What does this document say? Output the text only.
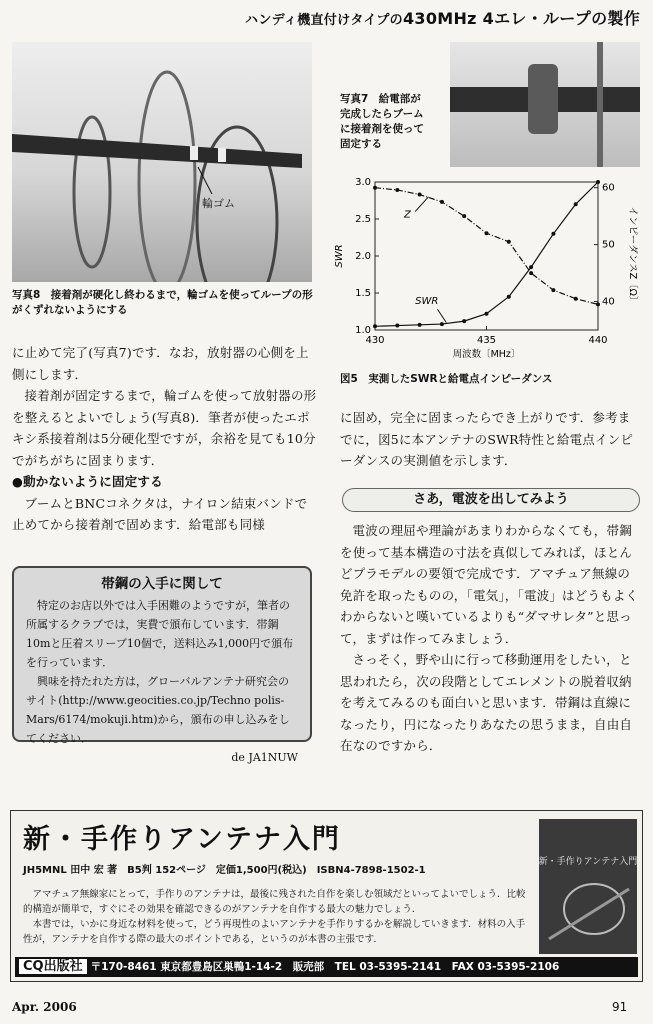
ハンディ機直付けタイプの430MHz 4エレ・ループの製作
輪ゴム
写真8　接着剤が硬化し終わるまで，輪ゴムを使ってループの形がくずれないようにする
写真7　給電部が
完成したらブーム
に接着剤を使って
固定する
430	435	440
1.0
1.5
2.0
2.5
3.0
40
50
60
周波数〔MHz〕
SWR	インピーダンスZ〔Ω〕
SWR
Z
図5　実測したSWRと給電点インピーダンス

に止めて完了(写真7)です．なお，放射器の心側を上側にします．

接着剤が固定するまで，輪ゴムを使って放射器の形を整えるとよいでしょう(写真8)．筆者が使ったエポキシ系接着剤は5分硬化型ですが，余裕を見ても10分でがちがちに固まります．

●動かないように固定する

ブームとBNCコネクタは，ナイロン結束バンドで止めてから接着剤で固めます．給電部も同様

帯鋼の入手に関して

特定のお店以外では入手困難のようですが，筆者の所属するクラブでは，実費で頒布しています．帯鋼10mと圧着スリーブ10個で，送料込み1,000円で頒布を行っています．

興味を持たれた方は，グローバルアンテナ研究会のサイト(http://www.geocities.co.jp/Techno polis-Mars/6174/mokuji.htm)から，頒布の申し込みをしてください．

de JA1NUW

に固め，完全に固まったらでき上がりです．参考までに，図5に本アンテナのSWR特性と給電点インピーダンスの実測値を示します．

さあ，電波を出してみよう

電波の理屈や理論があまりわからなくても，帯鋼を使って基本構造の寸法を真似してみれば，ほとんどプラモデルの要領で完成です．アマチュア無線の免許を取ったものの，「電気」，「電波」はどうもよくわからないと嘆いているよりも“ダマサレタ”と思って，まずは作ってみましょう．

さっそく，野や山に行って移動運用をしたい，と思われたら，次の段階としてエレメントの脱着収納を考えてみるのも面白いと思います．帯鋼は直線になったり，円になったりあなたの思うまま，自由自在なのですから．

新・手作りアンテナ入門
JH5MNL 田中 宏 著　B5判 152ページ　定価1,500円(税込)　ISBN4-7898-1502-1

アマチュア無線家にとって，手作りのアンテナは，最後に残された自作を楽しむ領域だといってよいでしょう．比較的構造が簡単で，すぐにその効果を確認できるのがアンテナを自作する最大の魅力でしょう．

本書では，いかに身近な材料を使って，どう再現性のよいアンテナを手作りするかを解説していきます．材料の入手性が，アンテナを自作する際の最大のポイントである，というのが本書の主張です．

新・手作りアンテナ入門
CQ出版社 〒170-8461 東京都豊島区巣鴨1-14-2　販売部　TEL 03-5395-2141　FAX 03-5395-2106
Apr. 2006	91
